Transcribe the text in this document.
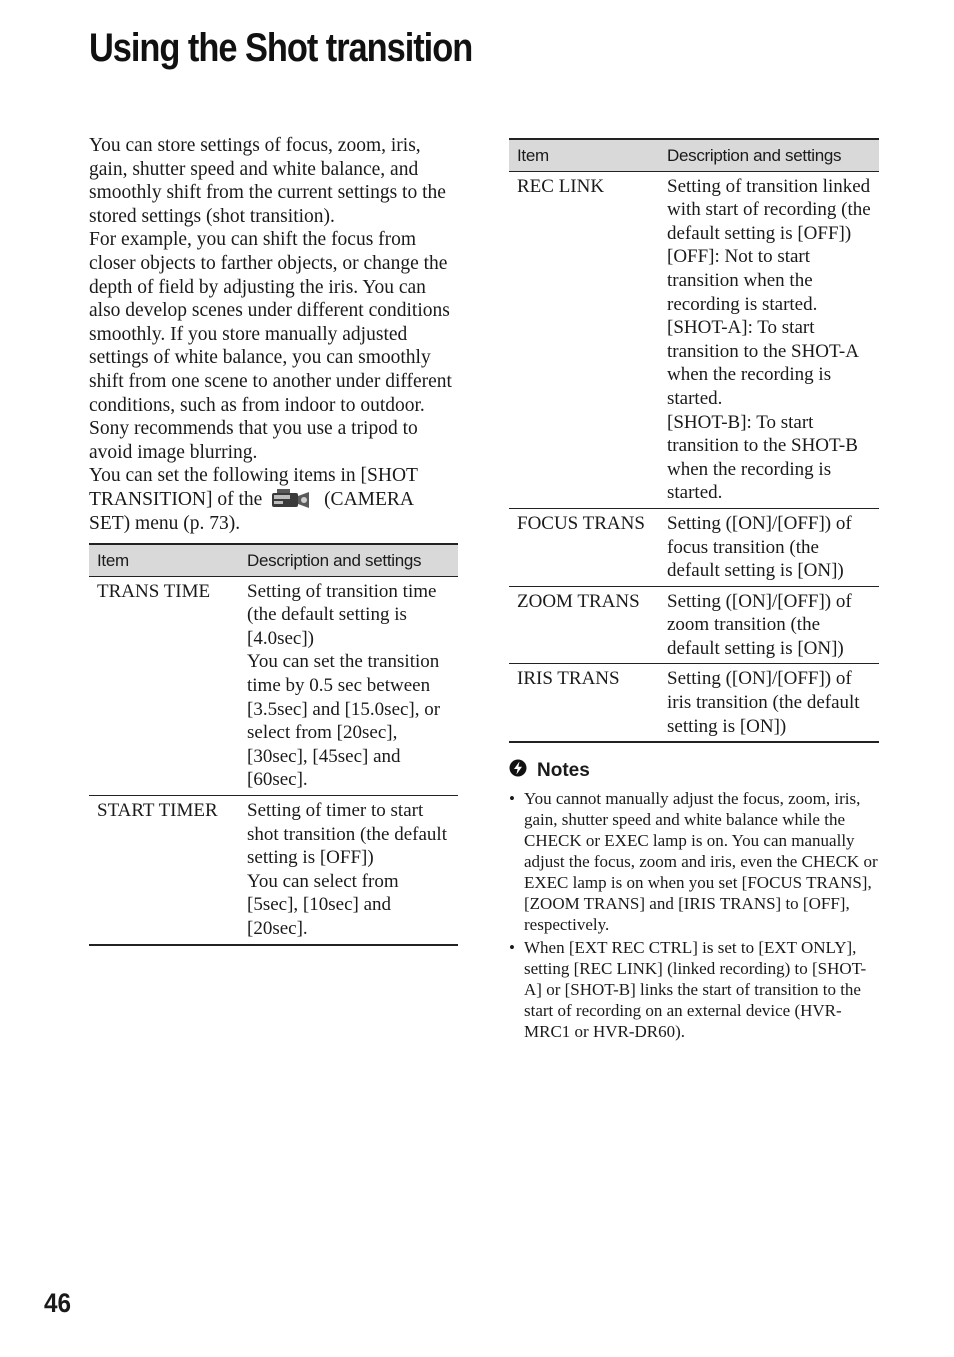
Using the Shot transition

You can store settings of focus, zoom, iris, gain, shutter speed and white balance, and smoothly shift from the current settings to the stored settings (shot transition).

For example, you can shift the focus from closer objects to farther objects, or change the depth of field by adjusting the iris. You can also develop scenes under different conditions smoothly. If you store manually adjusted settings of white balance, you can smoothly shift from one scene to another under different conditions, such as from indoor to outdoor.

Sony recommends that you use a tripod to avoid image blurring.

You can set the following items in [SHOT TRANSITION] of the	(CAMERA SET) menu (p. 73).

Item	Description and settings
TRANS TIME	Setting of transition time (the default setting is [4.0sec])
You can set the transition time by 0.5 sec between [3.5sec] and [15.0sec], or select from [20sec], [30sec], [45sec] and [60sec].

START TIMER	Setting of timer to start shot transition (the default setting is [OFF])
You can select from [5sec], [10sec] and [20sec].
Item	Description and settings
REC LINK	Setting of transition linked with start of recording (the default setting is [OFF])
[OFF]: Not to start transition when the recording is started.
[SHOT-A]: To start transition to the SHOT-A when the recording is started.
[SHOT-B]: To start transition to the SHOT-B when the recording is started.

FOCUS TRANS	Setting ([ON]/[OFF]) of focus transition (the default setting is [ON])

ZOOM TRANS	Setting ([ON]/[OFF]) of zoom transition (the default setting is [ON])

IRIS TRANS	Setting ([ON]/[OFF]) of iris transition (the default setting is [ON])
Notes
• You cannot manually adjust the focus, zoom, iris, gain, shutter speed and white balance while the CHECK or EXEC lamp is on. You can manually adjust the focus, zoom and iris, even the CHECK or EXEC lamp is on when you set [FOCUS TRANS], [ZOOM TRANS] and [IRIS TRANS] to [OFF], respectively.
• When [EXT REC CTRL] is set to [EXT ONLY], setting [REC LINK] (linked recording) to [SHOT-A] or [SHOT-B] links the start of transition to the start of recording on an external device (HVR-MRC1 or HVR-DR60).
46
